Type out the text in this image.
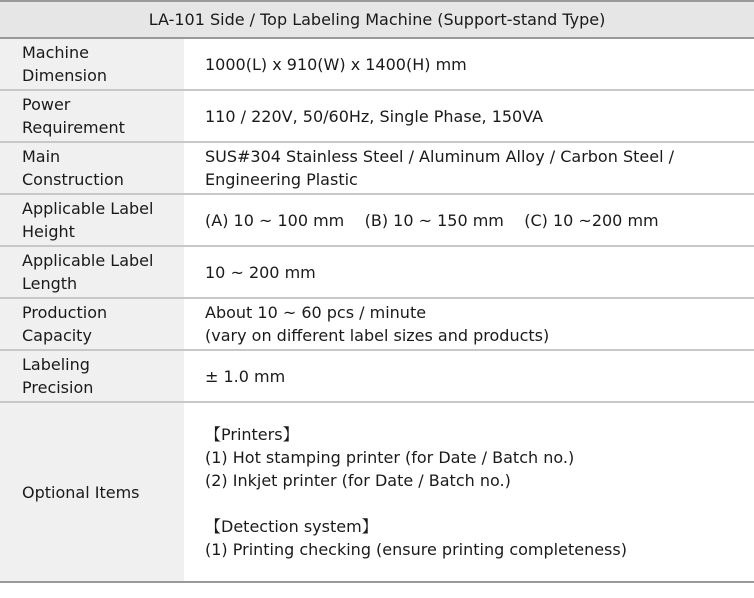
LA-101 Side / Top Labeling Machine (Support-stand Type)	

Machine
Dimension	1000(L) x 910(W) x 1400(H) mm

Power
Requirement	110 / 220V, 50/60Hz, Single Phase, 150VA

Main
Construction	SUS#304 Stainless Steel / Aluminum Alloy / Carbon Steel /
Engineering Plastic

Applicable Label
Height	(A) 10 ~ 100 mm    (B) 10 ~ 150 mm    (C) 10 ~200 mm

Applicable Label
Length	10 ~ 200 mm

Production
Capacity	About 10 ~ 60 pcs / minute
(vary on different label sizes and products)

Labeling
Precision	± 1.0 mm

Optional Items	【Printers】
(1) Hot stamping printer (for Date / Batch no.)
(2) Inkjet printer (for Date / Batch no.)
【Detection system】
(1) Printing checking (ensure printing completeness)
